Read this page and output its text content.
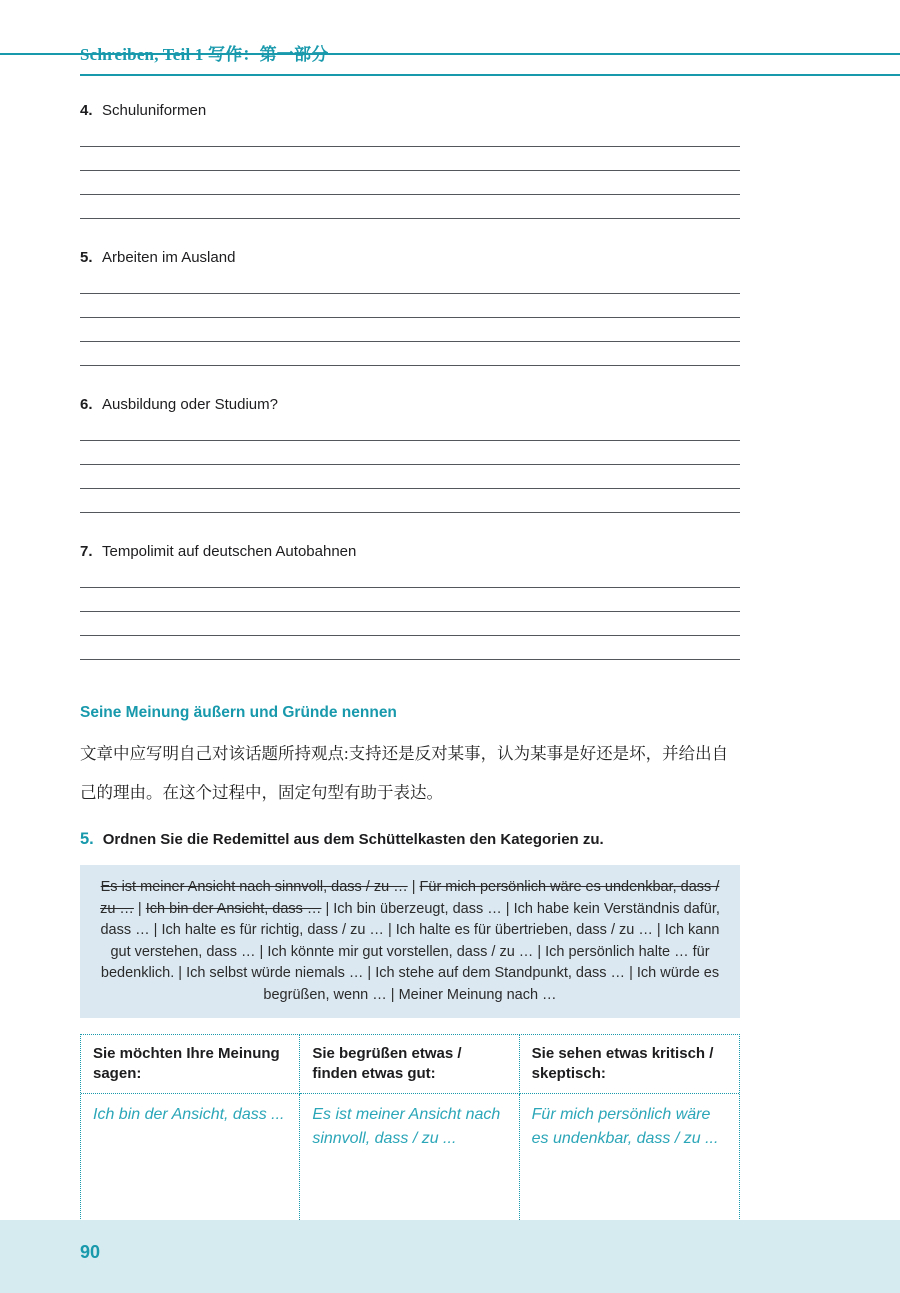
4. Schuluniformen
5. Arbeiten im Ausland
6. Ausbildung oder Studium?
7. Tempolimit auf deutschen Autobahnen
Seine Meinung äußern und Gründe nennen
文章中应写明自己对该话题所持观点:支持还是反对某事，认为某事是好还是坏，并给出自己的理由。在这个过程中，固定句型有助于表达。
5. Ordnen Sie die Redemittel aus dem Schüttelkasten den Kategorien zu.
Es ist meiner Ansicht nach sinnvoll, dass / zu … | Für mich persönlich wäre es undenkbar, dass / zu … | Ich bin der Ansicht, dass … | Ich bin überzeugt, dass … | Ich habe kein Verständnis dafür, dass … | Ich halte es für richtig, dass / zu … | Ich halte es für übertrieben, dass / zu … | Ich kann gut verstehen, dass … | Ich könnte mir gut vorstellen, dass / zu … | Ich persönlich halte … für bedenklich. | Ich selbst würde niemals … | Ich stehe auf dem Standpunkt, dass … | Ich würde es begrüßen, wenn … | Meiner Meinung nach …
Sie möchten Ihre Meinung sagen:
Sie begrüßen etwas / finden etwas gut:
Sie sehen etwas kritisch / skeptisch:
Ich bin der Ansicht, dass ...	Es ist meiner Ansicht nach sinnvoll, dass / zu ...
Für mich persönlich wäre es undenkbar, dass / zu ...
90
